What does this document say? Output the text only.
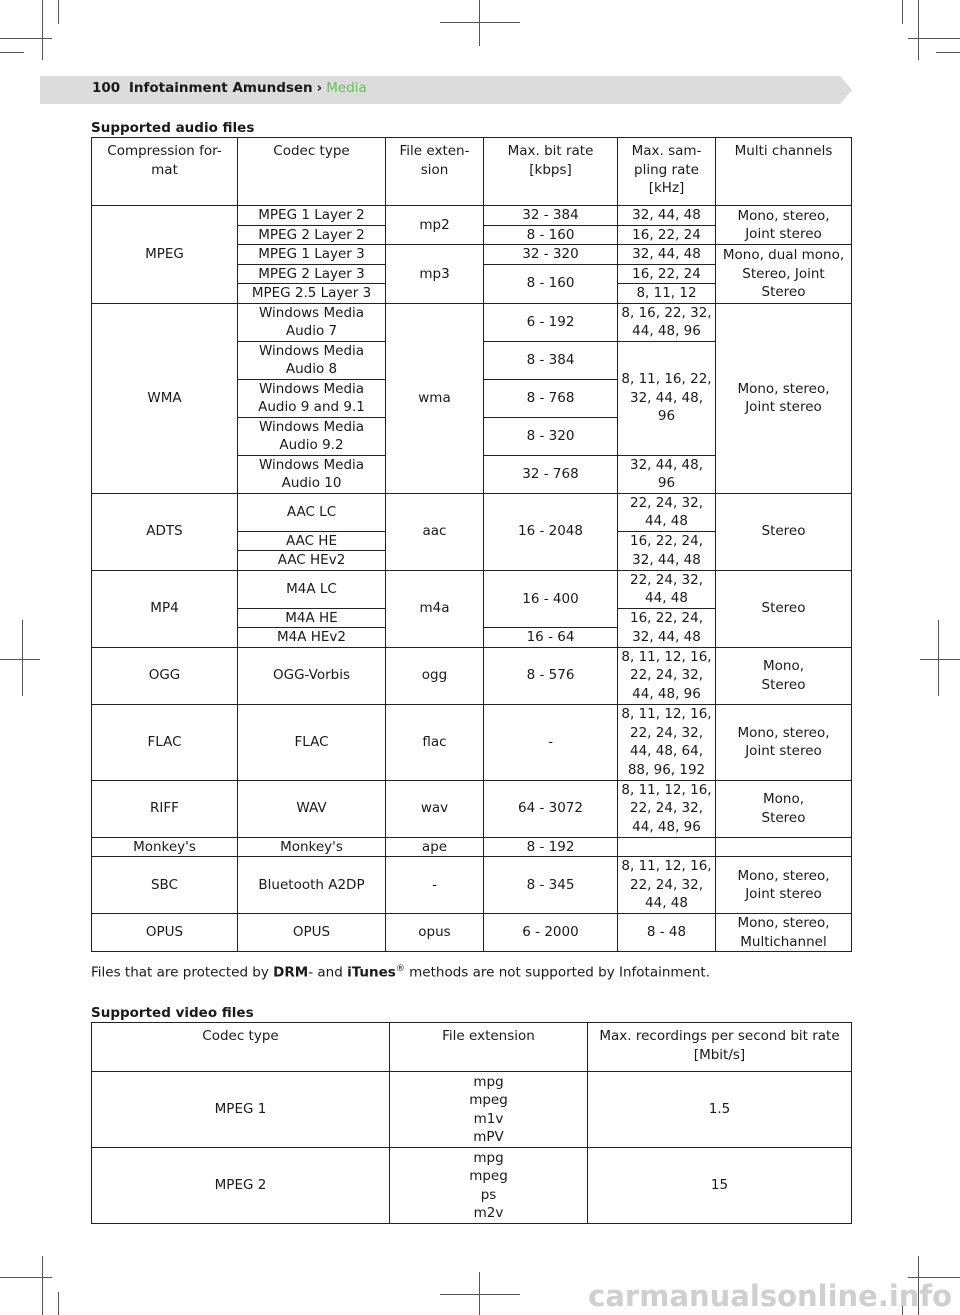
100 Infotainment Amundsen › Media
Supported audio files
Compression for-
mat	Codec type	File exten-
sion	Max. bit rate
[kbps]	Max. sam-
pling rate
[kHz]	Multi channels
MPEG	MPEG 1 Layer 2	mp2	32 - 384	32, 44, 48	Mono, stereo,
Joint stereo
	MPEG 2 Layer 2		8 - 160	16, 22, 24	
	MPEG 1 Layer 3	mp3	32 - 320	32, 44, 48	Mono, dual mono,
Stereo, Joint
Stereo
	MPEG 2 Layer 3		8 - 160	16, 22, 24	
	MPEG 2.5 Layer 3			8, 11, 12	
WMA	Windows Media
Audio 7	wma	6 - 192	8, 16, 22, 32,
44, 48, 96	Mono, stereo,
Joint stereo
	Windows Media
Audio 8		8 - 384	8, 11, 16, 22,
32, 44, 48,
96	
	Windows Media
Audio 9 and 9.1		8 - 768		
	Windows Media
Audio 9.2		8 - 320		
	Windows Media
Audio 10		32 - 768	32, 44, 48,
96	
ADTS	AAC LC	aac	16 - 2048	22, 24, 32,
44, 48	Stereo
	AAC HE			16, 22, 24,
32, 44, 48	
	AAC HEv2				
MP4	M4A LC	m4a	16 - 400	22, 24, 32,
44, 48	Stereo
	M4A HE			16, 22, 24,
32, 44, 48	
	M4A HEv2		16 - 64		
OGG	OGG-Vorbis	ogg	8 - 576	8, 11, 12, 16,
22, 24, 32,
44, 48, 96	Mono,
Stereo
FLAC	FLAC	flac	-	8, 11, 12, 16,
22, 24, 32,
44, 48, 64,
88, 96, 192	Mono, stereo,
Joint stereo
RIFF	WAV	wav	64 - 3072	8, 11, 12, 16,
22, 24, 32,
44, 48, 96	Mono,
Stereo
Monkey's	Monkey's	ape	8 - 192		
SBC	Bluetooth A2DP	-	8 - 345	8, 11, 12, 16,
22, 24, 32,
44, 48	Mono, stereo,
Joint stereo
OPUS	OPUS	opus	6 - 2000	8 - 48	Mono, stereo,
Multichannel
Files that are protected by DRM- and iTunes® methods are not supported by Infotainment.
Supported video files
Codec type	File extension	Max. recordings per second bit rate
[Mbit/s]
MPEG 1	mpg
mpeg
m1v
mPV	1.5
MPEG 2	mpg
mpeg
ps
m2v	15
carmanualsonline.info
